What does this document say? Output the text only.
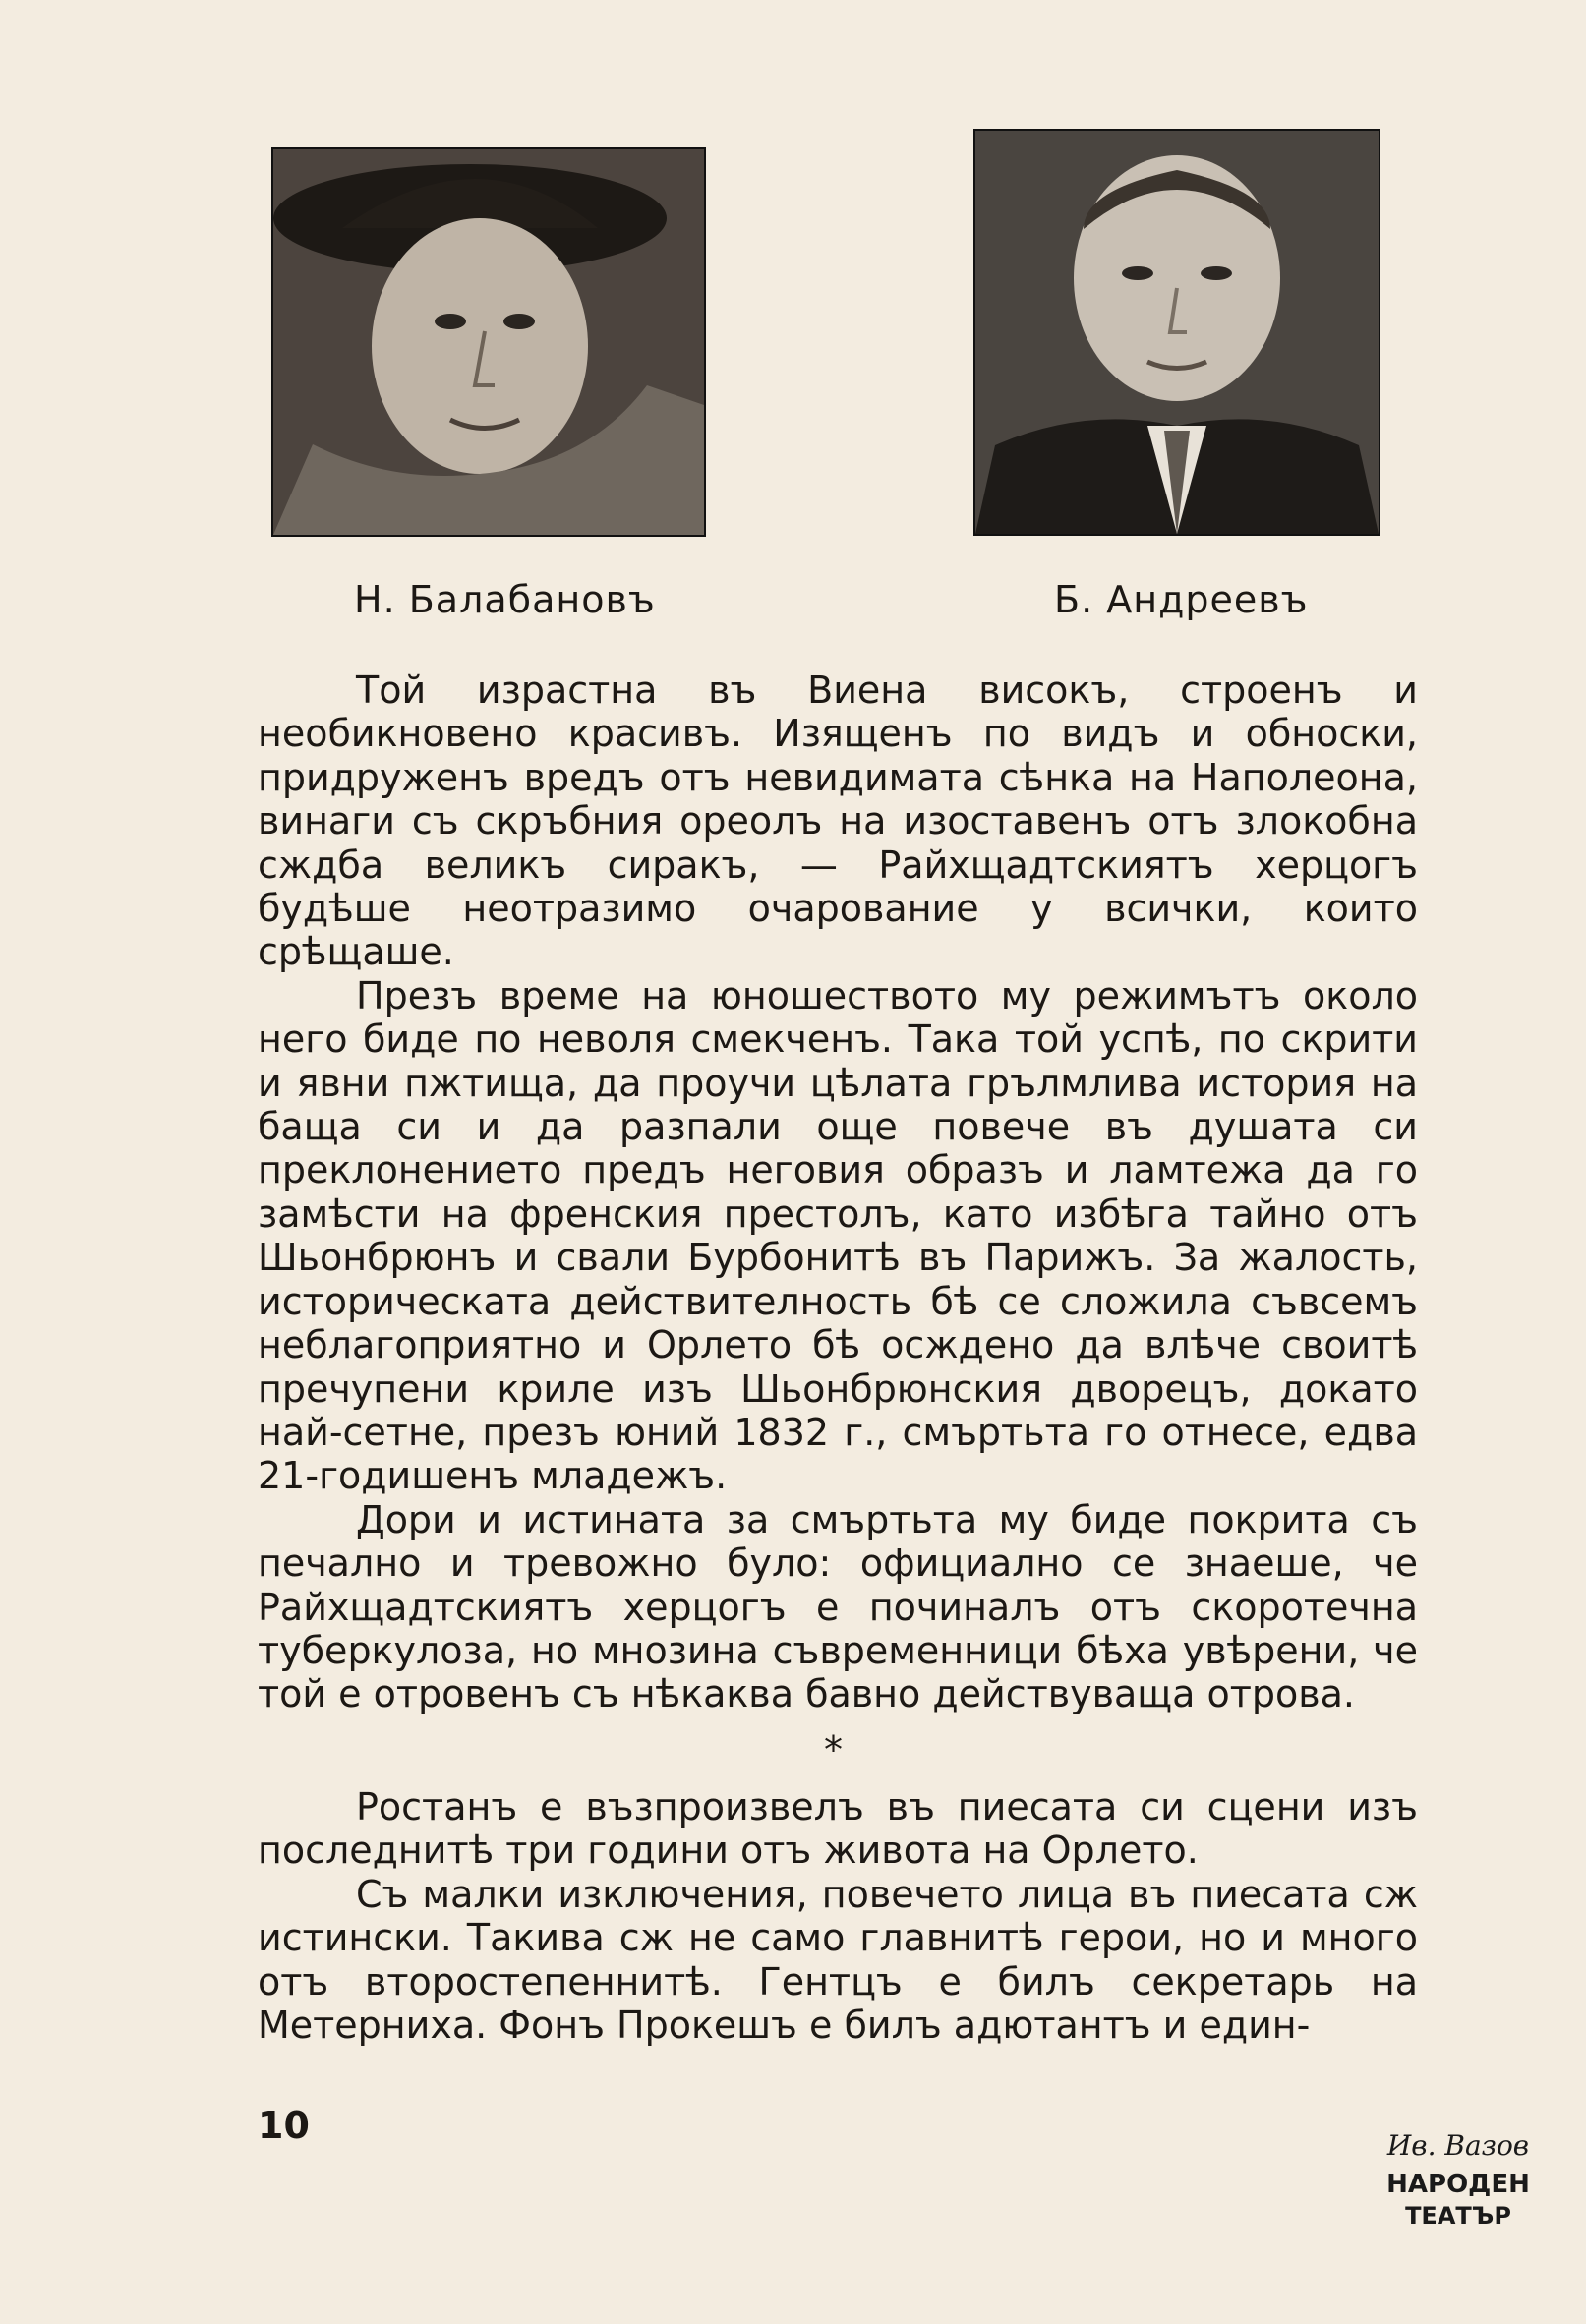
Н. Балабановъ	Б. Андреевъ

Той израстна въ Виена високъ, строенъ и необикновено красивъ. Изященъ по видъ и обноски, придруженъ вредъ отъ невидимата сѣнка на Наполеона, винаги съ скръбния ореолъ на изоставенъ отъ злокобна сждба великъ сиракъ, — Райхщадтскиятъ херцогъ будѣше неотразимо очарование у всички, които срѣщаше.

Презъ време на юношеството му режимътъ около него биде по неволя смекченъ. Така той успѣ, по скрити и явни пжтища, да проучи цѣлата грълмлива история на баща си и да разпали още повече въ душата си преклонението предъ неговия образъ и ламтежа да го замѣсти на френския престолъ, като избѣга тайно отъ Шьонбрюнъ и свали Бурбонитѣ въ Парижъ. За жалость, историческата действителность бѣ се сложила съвсемъ неблагоприятно и Орлето бѣ осждено да влѣче своитѣ пречупени криле изъ Шьонбрюнския дворецъ, докато най-сетне, презъ юний 1832 г., смъртьта го отнесе, едва 21-годишенъ младежъ.

Дори и истината за смъртьта му биде покрита съ печално и тревожно було: официално се знаеше, че Райхщадтскиятъ херцогъ е починалъ отъ скоротечна туберкулоза, но мнозина съвременници бѣха увѣрени, че той е отровенъ съ нѣкаква бавно действуваща отрова.

*

Ростанъ е възпроизвелъ въ пиесата си сцени изъ последнитѣ три години отъ живота на Орлето.

Съ малки изключения, повечето лица въ пиесата сж истински. Такива сж не само главнитѣ герои, но и много отъ второстепеннитѣ. Гентцъ е билъ секретарь на Метерниха. Фонъ Прокешъ е билъ адютантъ и един-

10	Ив. Вазов
НАРОДЕН
ТЕАТЪР
